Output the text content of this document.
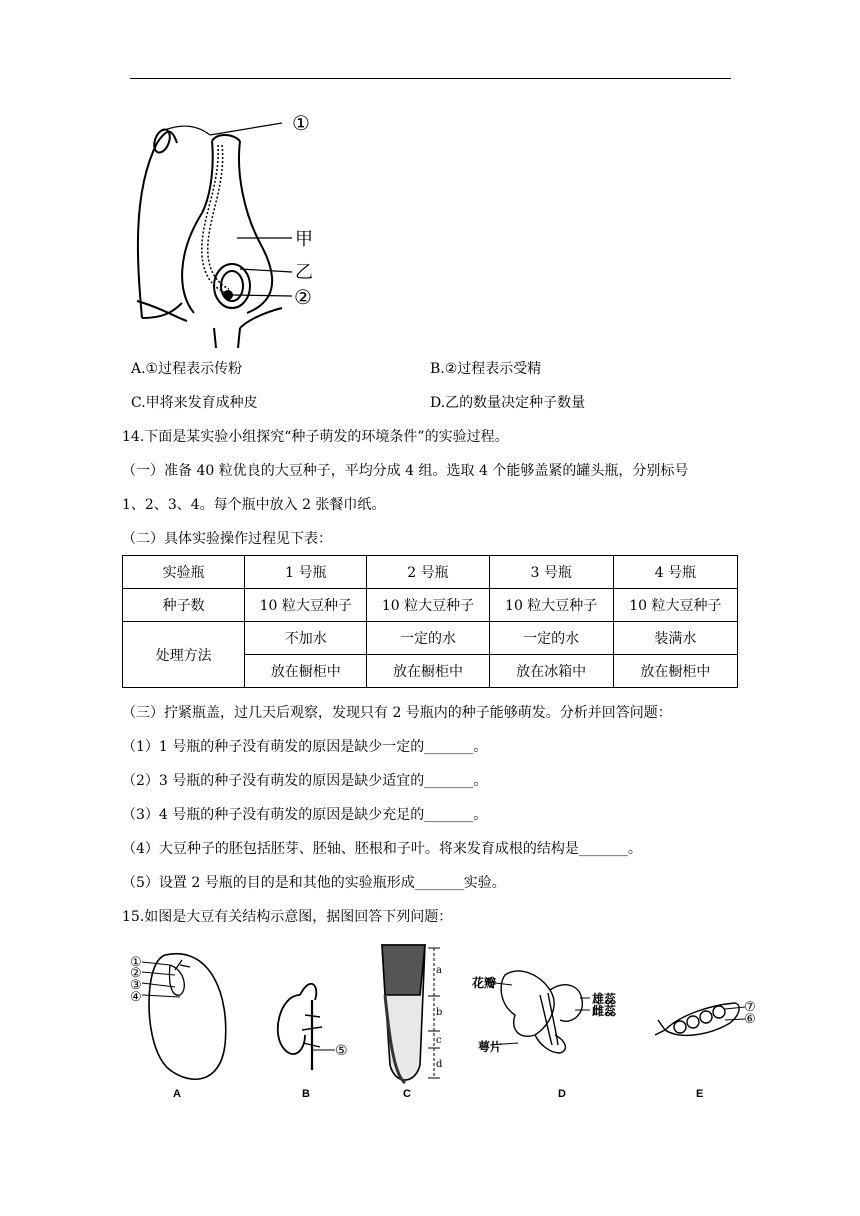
①
甲
乙
②
A.①过程表示传粉	B.②过程表示受精
C.甲将来发育成种皮	D.乙的数量决定种子数量
14.下面是某实验小组探究“种子萌发的环境条件”的实验过程。
（一）准备 40 粒优良的大豆种子，平均分成 4 组。选取 4 个能够盖紧的罐头瓶，分别标号
1、2、3、4。每个瓶中放入 2 张餐巾纸。
（二）具体实验操作过程见下表：
实验瓶	1 号瓶	2 号瓶	3 号瓶	4 号瓶
种子数	10 粒大豆种子	10 粒大豆种子	10 粒大豆种子	10 粒大豆种子
处理方法	不加水	一定的水	一定的水	装满水
	放在橱柜中	放在橱柜中	放在冰箱中	放在橱柜中
（三）拧紧瓶盖，过几天后观察，发现只有 2 号瓶内的种子能够萌发。分析并回答问题：
（1）1 号瓶的种子没有萌发的原因是缺少一定的_______。
（2）3 号瓶的种子没有萌发的原因是缺少适宜的_______。
（3）4 号瓶的种子没有萌发的原因是缺少充足的_______。
（4）大豆种子的胚包括胚芽、胚轴、胚根和子叶。将来发育成根的结构是_______。
（5）设置 2 号瓶的目的是和其他的实验瓶形成_______实验。
15.如图是大豆有关结构示意图，据图回答下列问题：
①
②
③
④
⑤
a
b
c
d
花瓣
雄蕊
雌蕊
萼片
⑦
⑥
A	B	C	D	E
